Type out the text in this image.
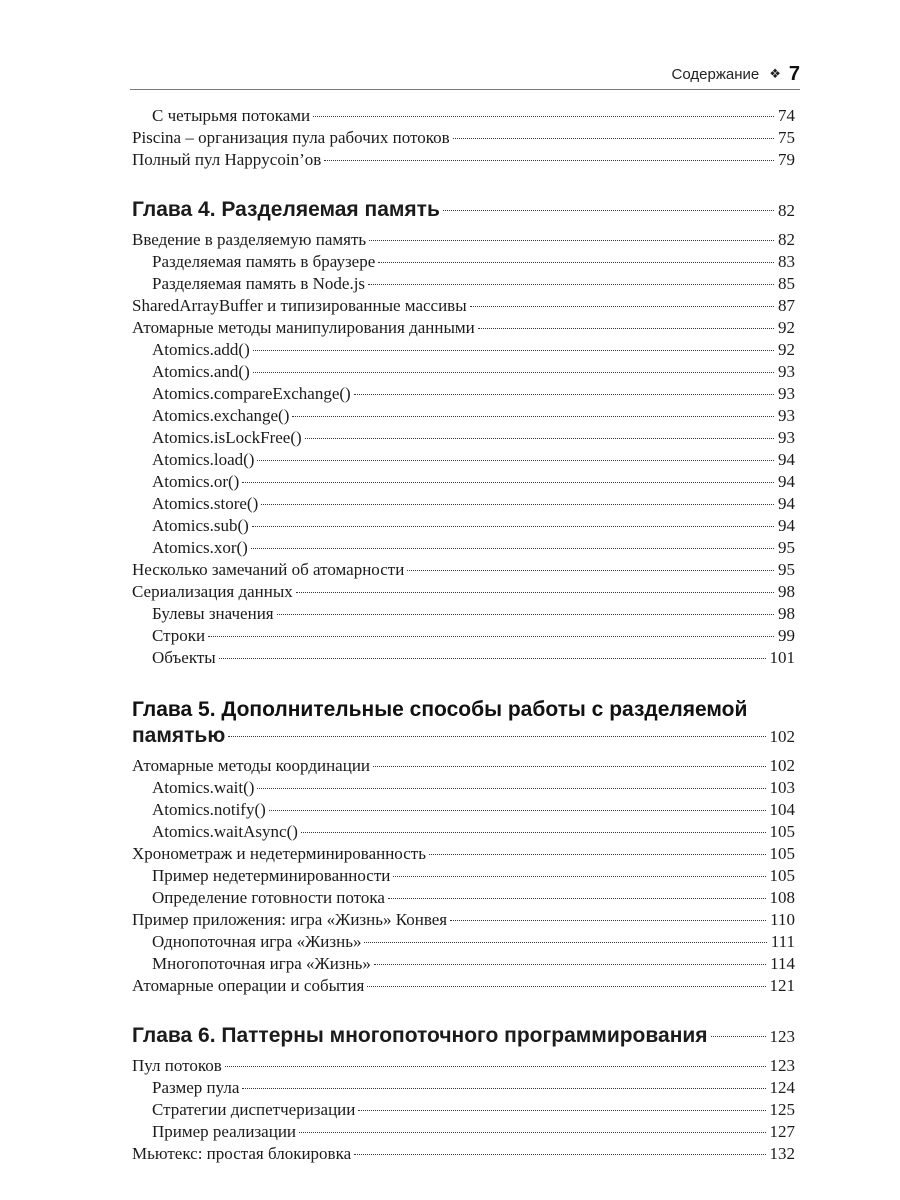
Содержание ❖ 7
С четырьмя потоками	74
Piscina – организация пула рабочих потоков	75
Полный пул Happycoin’ов	79
Глава 4. Разделяемая память	82
Введение в разделяемую память	82
Разделяемая память в браузере	83
Разделяемая память в Node.js	85
SharedArrayBuffer и типизированные массивы	87
Атомарные методы манипулирования данными	92
Atomics.add()	92
Atomics.and()	93
Atomics.compareExchange()	93
Atomics.exchange()	93
Atomics.isLockFree()	93
Atomics.load()	94
Atomics.or()	94
Atomics.store()	94
Atomics.sub()	94
Atomics.xor()	95
Несколько замечаний об атомарности	95
Сериализация данных	98
Булевы значения	98
Строки	99
Объекты	101
Глава 5. Дополнительные способы работы с разделяемой
памятью	102
Атомарные методы координации	102
Atomics.wait()	103
Atomics.notify()	104
Atomics.waitAsync()	105
Хронометраж и недетерминированность	105
Пример недетерминированности	105
Определение готовности потока	108
Пример приложения: игра «Жизнь» Конвея	110
Однопоточная игра «Жизнь»	111
Многопоточная игра «Жизнь»	114
Атомарные операции и события	121
Глава 6. Паттерны многопоточного программирования	123
Пул потоков	123
Размер пула	124
Стратегии диспетчеризации	125
Пример реализации	127
Мьютекс: простая блокировка	132
